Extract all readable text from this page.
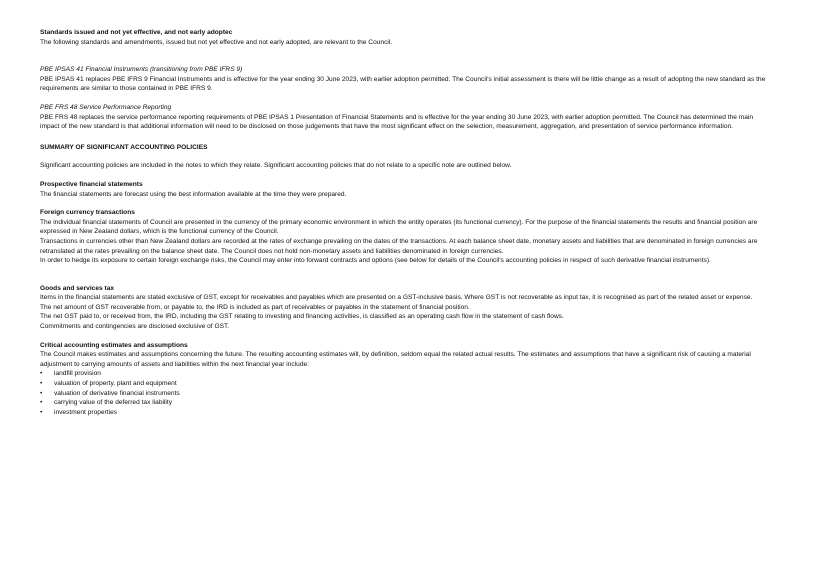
Standards issued and not yet effective, and not early adoptec

The following standards and amendments, issued but not yet effective and not early adopted, are relevant to the Council.

PBE IPSAS 41 Financial Instruments (transitioning from PBE IFRS 9)

PBE IPSAS 41 replaces PBE IFRS 9 Financial Instruments and is effective for the year ending 30 June 2023, with earlier adoption permitted. The Council's initial assessment is there will be little change as a result of adopting the new standard as the requirements are similar to those contained in PBE IFRS 9.

PBE FRS 48 Service Performance Reporting

PBE FRS 48 replaces the service performance reporting requirements of PBE IPSAS 1 Presentation of Financial Statements and is effective for the year ending 30 June 2023, with earlier adoption permitted. The Council has determined the main impact of the new standard is that additional information will need to be disclosed on those judgements that have the most significant effect on the selection, measurement, aggregation, and presentation of service performance information.

SUMMARY OF SIGNIFICANT ACCOUNTING POLICIES

Significant accounting policies are included in the notes to which they relate. Significant accounting policies that do not relate to a specific note are outlined below.

Prospective financial statements

The financial statements are forecast using the best information available at the time they were prepared.

Foreign currency transactions

The individual financial statements of Council are presented in the currency of the primary economic environment in which the entity operates (its functional currency). For the purpose of the financial statements the results and financial position are expressed in New Zealand dollars, which is the functional currency of the Council.

Transactions in currencies other than New Zealand dollars are recorded at the rates of exchange prevailing on the dates of the transactions. At each balance sheet date, monetary assets and liabilities that are denominated in foreign currencies are retranslated at the rates prevailing on the balance sheet date. The Council does not hold non-monetary assets and liabilities denominated in foreign currencies.

In order to hedge its exposure to certain foreign exchange risks, the Council may enter into forward contracts and options (see below for details of the Council's accounting policies in respect of such derivative financial instruments).

Goods and services tax

Items in the financial statements are stated exclusive of GST, except for receivables and payables which are presented on a GST-inclusive basis. Where GST is not recoverable as input tax, it is recognised as part of the related asset or expense.

The net amount of GST recoverable from, or payable to, the IRD is included as part of receivables or payables in the statement of financial position.

The net GST paid to, or received from, the IRD, including the GST relating to investing and financing activities, is classified as an operating cash flow in the statement of cash flows.

Commitments and contingencies are disclosed exclusive of GST.

Critical accounting estimates and assumptions

The Council makes estimates and assumptions concerning the future. The resulting accounting estimates will, by definition, seldom equal the related actual results. The estimates and assumptions that have a significant risk of causing a material adjustment to carrying amounts of assets and liabilities within the next financial year include:

• landfill provision
• valuation of property, plant and equipment
• valuation of derivative financial instruments
• carrying value of the deferred tax liability
• investment properties
